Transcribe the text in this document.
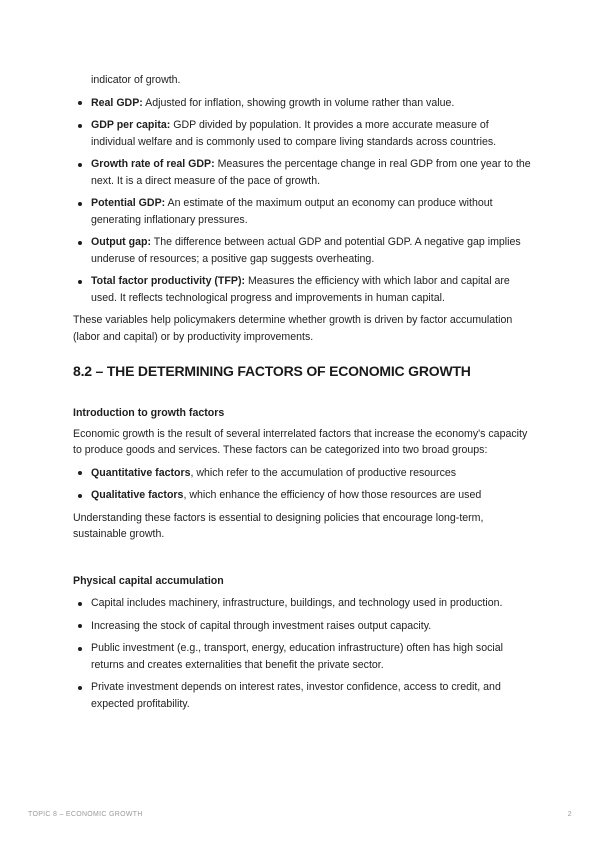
indicator of growth.

Real GDP: Adjusted for inflation, showing growth in volume rather than value.
GDP per capita: GDP divided by population. It provides a more accurate measure of individual welfare and is commonly used to compare living standards across countries.
Growth rate of real GDP: Measures the percentage change in real GDP from one year to the next. It is a direct measure of the pace of growth.
Potential GDP: An estimate of the maximum output an economy can produce without generating inflationary pressures.
Output gap: The difference between actual GDP and potential GDP. A negative gap implies underuse of resources; a positive gap suggests overheating.
Total factor productivity (TFP): Measures the efficiency with which labor and capital are used. It reflects technological progress and improvements in human capital.

These variables help policymakers determine whether growth is driven by factor accumulation (labor and capital) or by productivity improvements.

8.2 – THE DETERMINING FACTORS OF ECONOMIC GROWTH

Introduction to growth factors

Economic growth is the result of several interrelated factors that increase the economy's capacity to produce goods and services. These factors can be categorized into two broad groups:

Quantitative factors, which refer to the accumulation of productive resources
Qualitative factors, which enhance the efficiency of how those resources are used

Understanding these factors is essential to designing policies that encourage long-term, sustainable growth.

Physical capital accumulation

Capital includes machinery, infrastructure, buildings, and technology used in production.
Increasing the stock of capital through investment raises output capacity.
Public investment (e.g., transport, energy, education infrastructure) often has high social returns and creates externalities that benefit the private sector.
Private investment depends on interest rates, investor confidence, access to credit, and expected profitability.
TOPIC 8 – ECONOMIC GROWTH	2
